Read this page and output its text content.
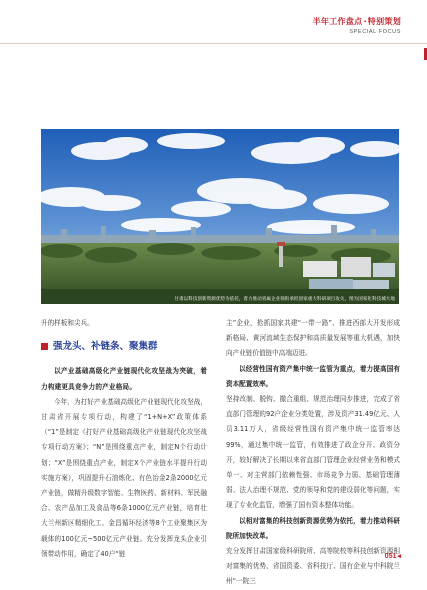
半年工作盘点·特别策划
SPECIAL FOCUS
甘肃以科技创新资源优势为依托，着力推动省属企业领衔承担国家重大科研项目攻关，图为国家化科技城大地

升的样板和尖兵。

强龙头、补链条、聚集群

以产业基础高级化产业链现代化攻坚战为突破，着力构建更具竞争力的产业格局。

今年，为打好产业基础高级化产业链现代化攻坚战，甘肃省开展专项行动，构建了“1+N+X”政策体系（“1”是制定《打好产业基础高级化产业链现代化攻坚战专项行动方案》；“N”是围绕重点产业，制定N个行动计划；“X”是围绕重点产业，制定X个产业链水平提升行动实施方案），巩固提升石油炼化、有色冶金2条2000亿元产业链，做精升级数字智能、生物医药、新材料、军民融合、农产品加工及食品等6条1000亿元产业链，培育壮大兰州新区精细化工、金昌循环经济等8个工业聚集区为载体的100亿元~500亿元产业链。充分发挥龙头企业引领带动作用，确定了40户“链

主”企业，抢抓国家共建“一带一路”、推进西部大开发形成新格局、黄河流域生态保护和高质量发展等重大机遇，加快向产业链价值链中高端迈进。

以经营性国有资产集中统一监管为重点，着力提高国有资本配置效率。

坚持改制、脱钩、撤合重组、规范治理同步推进，完成了省直部门管理的92户企业分类处置，涉及资产31.49亿元、人员3.11万人，省级经营性国有资产集中统一监管率达99%，通过集中统一监管，有效推进了政企分开、政资分开，较好解决了长期以来省直部门管理企业经营业务和模式单一、对主营部门依赖性强、市场竞争力弱、基础管理薄弱、法人治理不规范、党的领导和党的建设弱化等问题，实现了专业化监管，增强了国有资本整体功能。

以相对富集的科技创新资源优势为依托，着力推动科研院所加快改革。

充分发挥甘肃国家级科研院所、高等院校等科技创新资源相对富集的优势，省国资委、省科技厅、国有企业与中科院兰州“一院三

051◂
